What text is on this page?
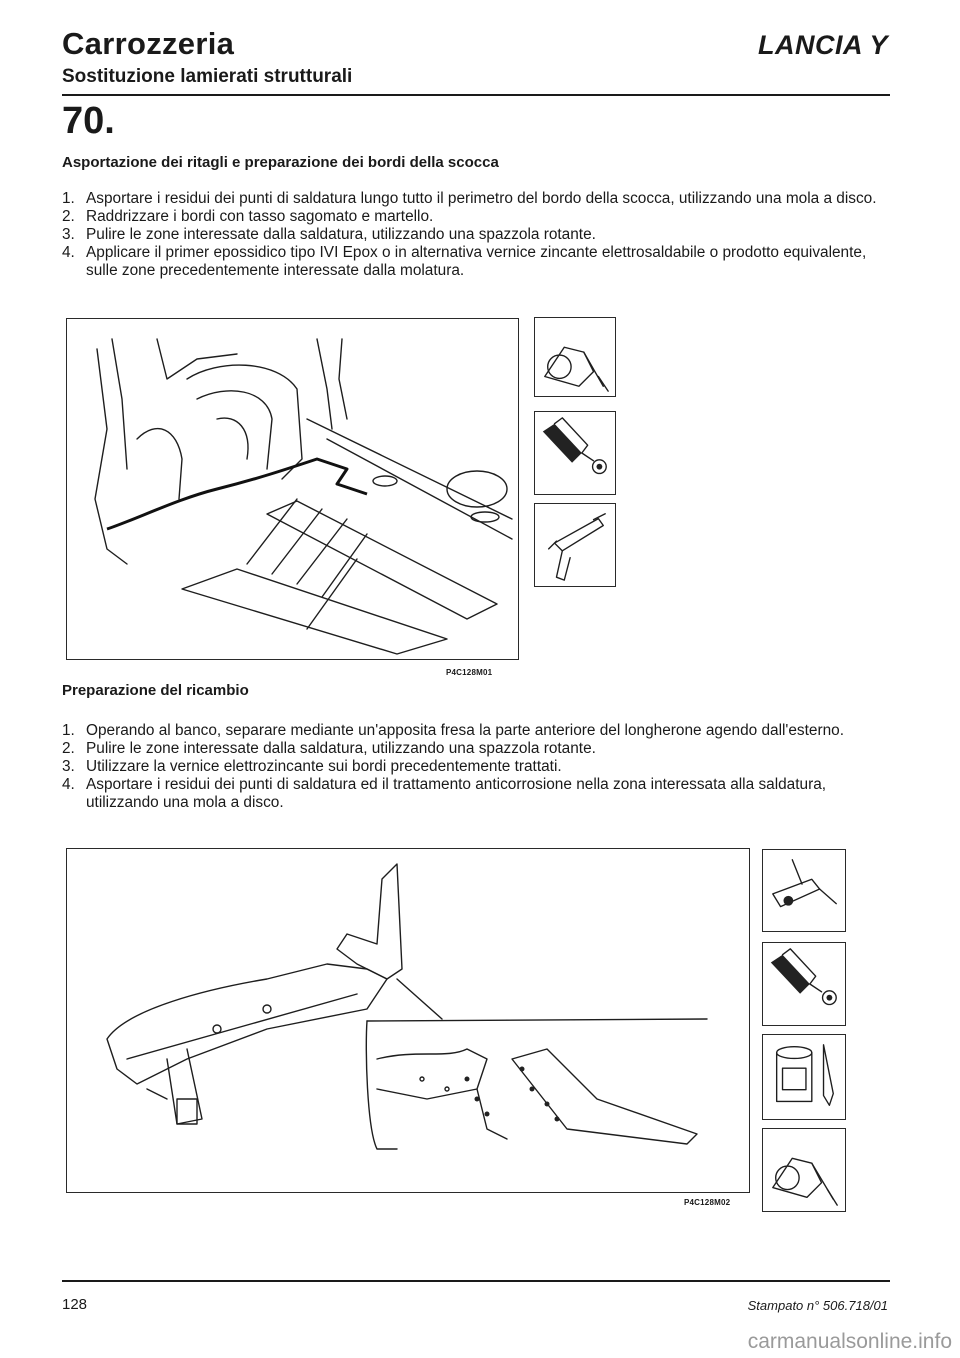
Carrozzeria	LANCIA Y
Sostituzione lamierati strutturali
70.
Asportazione dei ritagli e preparazione dei bordi della scocca
1. Asportare i residui dei punti di saldatura lungo tutto il perimetro del bordo della scocca, utilizzando una mola a disco.
2. Raddrizzare i bordi con tasso sagomato e martello.
3. Pulire le zone interessate dalla saldatura, utilizzando una spazzola rotante.
4. Applicare il primer epossidico tipo IVI Epox o in alternativa vernice zincante elettrosaldabile o prodotto equivalente, sulle zone precedentemente interessate dalla molatura.
P4C128M01
Preparazione del ricambio
1. Operando al banco, separare mediante un'apposita fresa la parte anteriore del longherone agendo dall'esterno.
2. Pulire le zone interessate dalla saldatura, utilizzando una spazzola rotante.
3. Utilizzare la vernice elettrozincante sui bordi precedentemente trattati.
4. Asportare i residui dei punti di saldatura ed il trattamento anticorrosione nella zona interessata alla saldatura, utilizzando una mola a disco.
P4C128M02
128	Stampato n° 506.718/01
carmanualsonline.info
